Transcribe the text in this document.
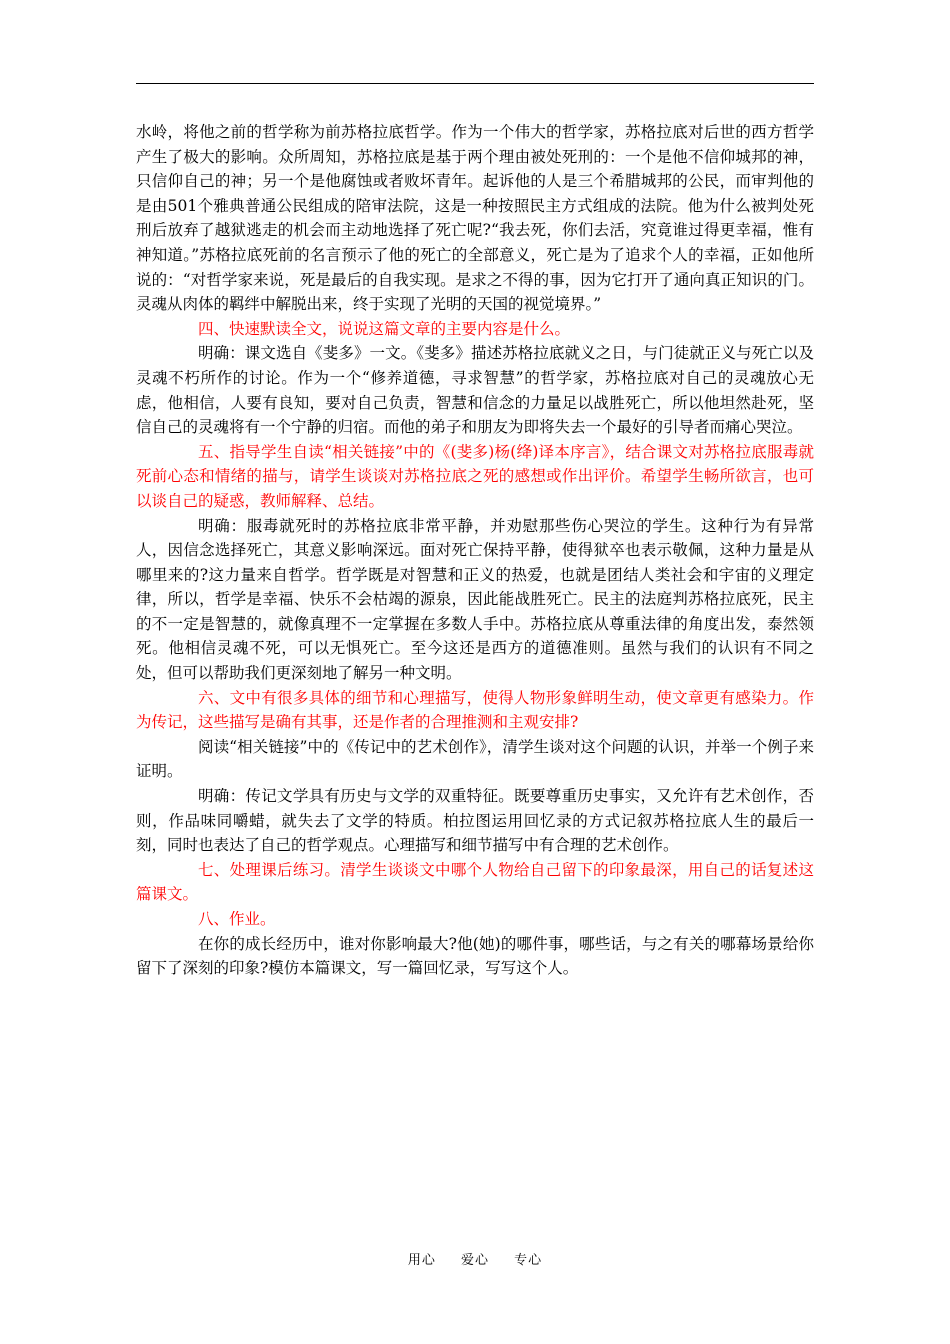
水岭，将他之前的哲学称为前苏格拉底哲学。作为一个伟大的哲学家，苏格拉底对后世的西方哲学产生了极大的影响。众所周知，苏格拉底是基于两个理由被处死刑的：一个是他不信仰城邦的神，只信仰自己的神；另一个是他腐蚀或者败坏青年。起诉他的人是三个希腊城邦的公民，而审判他的是由501个雅典普通公民组成的陪审法院，这是一种按照民主方式组成的法院。他为什么被判处死刑后放弃了越狱逃走的机会而主动地选择了死亡呢?“我去死，你们去活，究竟谁过得更幸福，惟有神知道。”苏格拉底死前的名言预示了他的死亡的全部意义，死亡是为了追求个人的幸福，正如他所说的：“对哲学家来说，死是最后的自我实现。是求之不得的事，因为它打开了通向真正知识的门。灵魂从肉体的羁绊中解脱出来，终于实现了光明的天国的视觉境界。”

四、快速默读全文，说说这篇文章的主要内容是什么。

明确：课文选自《斐多》一文。《斐多》描述苏格拉底就义之日，与门徒就正义与死亡以及灵魂不朽所作的讨论。作为一个“修养道德，寻求智慧”的哲学家，苏格拉底对自己的灵魂放心无虑，他相信，人要有良知，要对自己负责，智慧和信念的力量足以战胜死亡，所以他坦然赴死，坚信自己的灵魂将有一个宁静的归宿。而他的弟子和朋友为即将失去一个最好的引导者而痛心哭泣。

五、指导学生自读“相关链接”中的《(斐多)杨(绛)译本序言》，结合课文对苏格拉底服毒就死前心态和情绪的描与，请学生谈谈对苏格拉底之死的感想或作出评价。希望学生畅所欲言，也可以谈自己的疑惑，教师解释、总结。

明确：服毒就死时的苏格拉底非常平静，并劝慰那些伤心哭泣的学生。这种行为有异常人，因信念选择死亡，其意义影响深远。面对死亡保持平静，使得狱卒也表示敬佩，这种力量是从哪里来的?这力量来自哲学。哲学既是对智慧和正义的热爱，也就是团结人类社会和宇宙的义理定律，所以，哲学是幸福、快乐不会枯竭的源泉，因此能战胜死亡。民主的法庭判苏格拉底死，民主的不一定是智慧的，就像真理不一定掌握在多数人手中。苏格拉底从尊重法律的角度出发，泰然领死。他相信灵魂不死，可以无惧死亡。至今这还是西方的道德准则。虽然与我们的认识有不同之处，但可以帮助我们更深刻地了解另一种文明。

六、文中有很多具体的细节和心理描写，使得人物形象鲜明生动，使文章更有感染力。作为传记，这些描写是确有其事，还是作者的合理推测和主观安排?

阅读“相关链接”中的《传记中的艺术创作》，清学生谈对这个问题的认识，并举一个例子来证明。

明确：传记文学具有历史与文学的双重特征。既要尊重历史事实，又允许有艺术创作，否则，作品味同嚼蜡，就失去了文学的特质。柏拉图运用回忆录的方式记叙苏格拉底人生的最后一刻，同时也表达了自己的哲学观点。心理描写和细节描写中有合理的艺术创作。

七、处理课后练习。清学生谈谈文中哪个人物给自己留下的印象最深，用自己的话复述这篇课文。

八、作业。

在你的成长经历中，谁对你影响最大?他(她)的哪件事，哪些话，与之有关的哪幕场景给你留下了深刻的印象?模仿本篇课文，写一篇回忆录，写写这个人。

用心 爱心 专心
